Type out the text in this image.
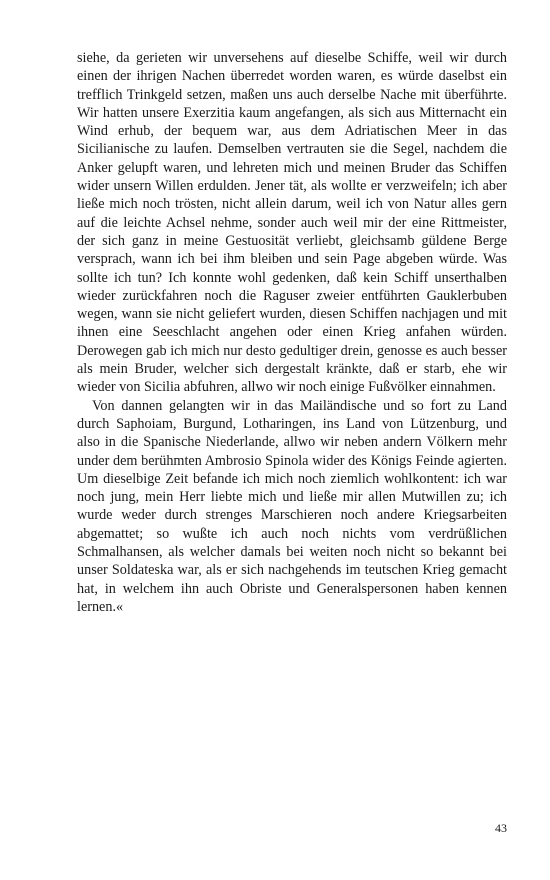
siehe, da gerieten wir unversehens auf dieselbe Schiffe, weil wir durch einen der ihrigen Nachen überredet worden waren, es würde daselbst ein trefflich Trinkgeld setzen, maßen uns auch derselbe Nache mit überführte. Wir hatten unsere Exerzitia kaum angefangen, als sich aus Mitternacht ein Wind erhub, der bequem war, aus dem Adriatischen Meer in das Sicilianische zu laufen. Demselben vertrauten sie die Segel, nachdem die Anker gelupft waren, und lehreten mich und meinen Bruder das Schiffen wider unsern Willen erdulden. Jener tät, als wollte er verzweifeln; ich aber ließe mich noch trösten, nicht allein darum, weil ich von Natur alles gern auf die leichte Achsel nehme, sonder auch weil mir der eine Rittmeister, der sich ganz in meine Gestuosität verliebt, gleichsamb güldene Berge versprach, wann ich bei ihm bleiben und sein Page abgeben würde. Was sollte ich tun? Ich konnte wohl gedenken, daß kein Schiff unserthalben wieder zurückfahren noch die Raguser zweier entführten Gauklerbuben wegen, wann sie nicht geliefert wurden, diesen Schiffen nachjagen und mit ihnen eine Seeschlacht angehen oder einen Krieg anfahen würden. Derowegen gab ich mich nur desto gedultiger drein, genosse es auch besser als mein Bruder, welcher sich dergestalt kränkte, daß er starb, ehe wir wieder von Sicilia abfuhren, allwo wir noch einige Fußvölker einnahmen.

Von dannen gelangten wir in das Mailändische und so fort zu Land durch Saphoiam, Burgund, Lotharingen, ins Land von Lützenburg, und also in die Spanische Niederlande, allwo wir neben andern Völkern mehr under dem berühmten Ambrosio Spinola wider des Königs Feinde agierten. Um dieselbige Zeit befande ich mich noch ziemlich wohlkontent: ich war noch jung, mein Herr liebte mich und ließe mir allen Mutwillen zu; ich wurde weder durch strenges Marschieren noch andere Kriegsarbeiten abgemattet; so wußte ich auch noch nichts vom verdrüßlichen Schmalhansen, als welcher damals bei weiten noch nicht so bekannt bei unser Soldateska war, als er sich nachgehends im teutschen Krieg gemacht hat, in welchem ihn auch Obriste und Generalspersonen haben kennen lernen.«

43
